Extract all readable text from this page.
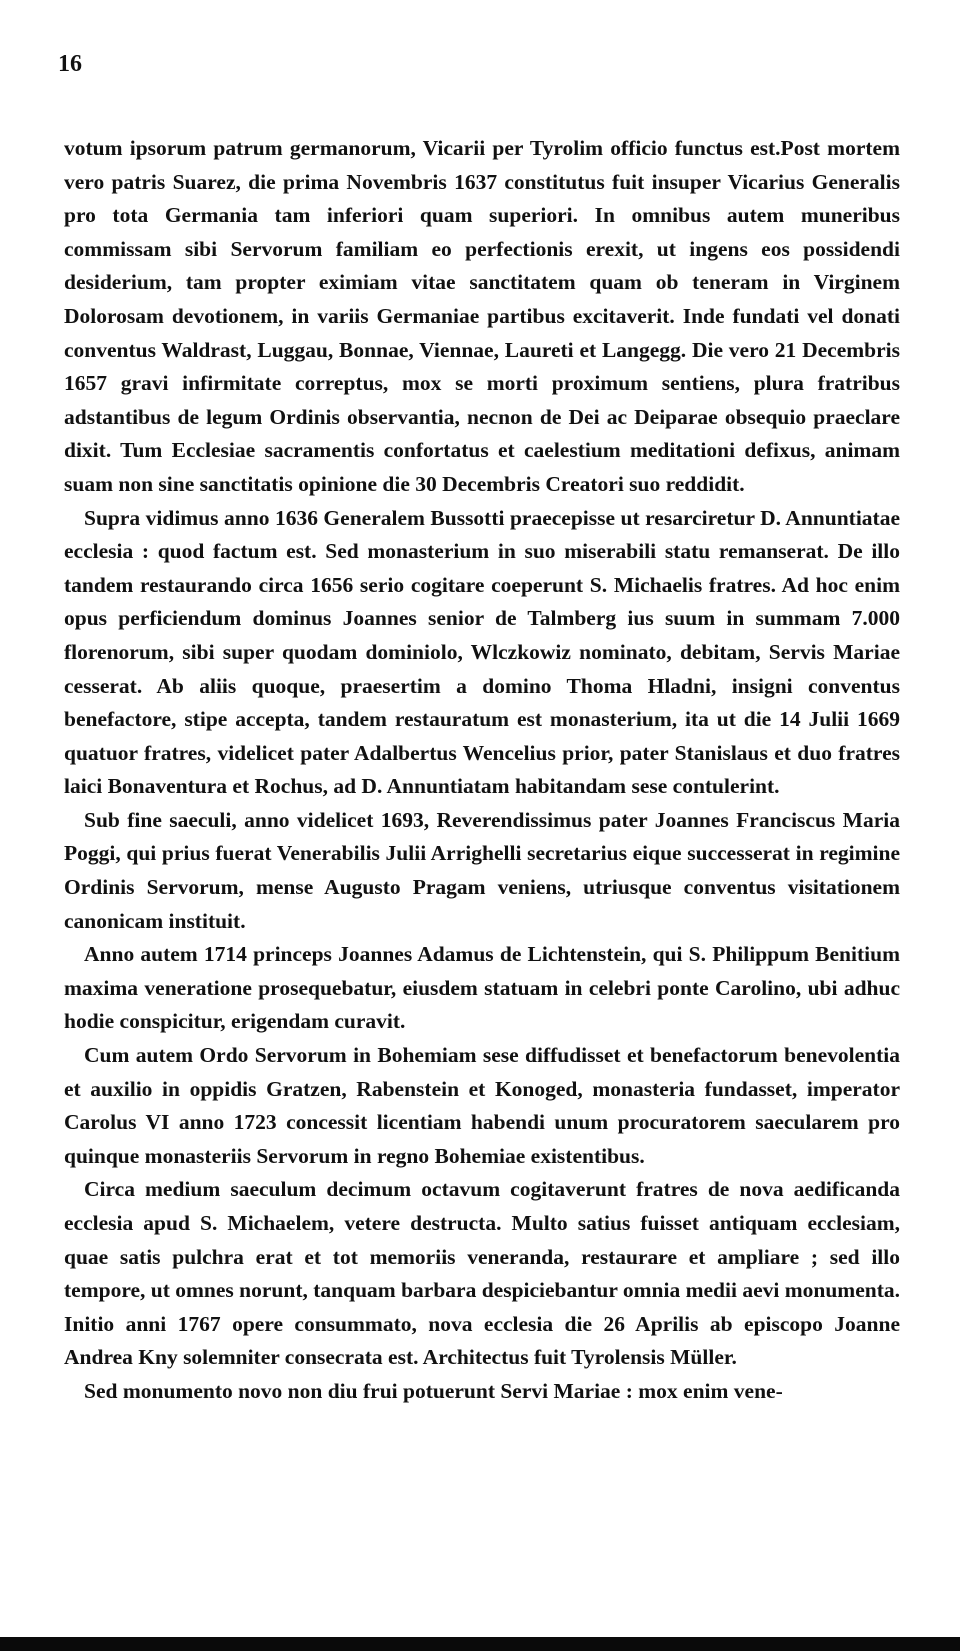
16

votum ipsorum patrum germanorum, Vicarii per Tyrolim officio functus est.Post mortem vero patris Suarez, die prima Novembris 1637 constitutus fuit insuper Vicarius Generalis pro tota Germania tam inferiori quam superiori. In omnibus autem muneribus commissam sibi Servorum familiam eo perfectionis erexit, ut ingens eos possidendi desiderium, tam propter eximiam vitae sanctitatem quam ob teneram in Virginem Dolorosam devotionem, in variis Germaniae partibus excitaverit. Inde fundati vel donati conventus Waldrast, Luggau, Bonnae, Viennae, Laureti et Langegg. Die vero 21 Decembris 1657 gravi infirmitate correptus, mox se morti proximum sentiens, plura fratribus adstantibus de legum Ordinis observantia, necnon de Dei ac Deiparae obsequio praeclare dixit. Tum Ecclesiae sacramentis confortatus et caelestium meditationi defixus, animam suam non sine sanctitatis opinione die 30 Decembris Creatori suo reddidit.

Supra vidimus anno 1636 Generalem Bussotti praecepisse ut resarciretur D. Annuntiatae ecclesia : quod factum est. Sed monasterium in suo miserabili statu remanserat. De illo tandem restaurando circa 1656 serio cogitare coeperunt S. Michaelis fratres. Ad hoc enim opus perficiendum dominus Joannes senior de Talmberg ius suum in summam 7.000 florenorum, sibi super quodam dominiolo, Wlczkowiz nominato, debitam, Servis Mariae cesserat. Ab aliis quoque, praesertim a domino Thoma Hladni, insigni conventus benefactore, stipe accepta, tandem restauratum est monasterium, ita ut die 14 Julii 1669 quatuor fratres, videlicet pater Adalbertus Wencelius prior, pater Stanislaus et duo fratres laici Bonaventura et Rochus, ad D. Annuntiatam habitandam sese contulerint.

Sub fine saeculi, anno videlicet 1693, Reverendissimus pater Joannes Franciscus Maria Poggi, qui prius fuerat Venerabilis Julii Arrighelli secretarius eique successerat in regimine Ordinis Servorum, mense Augusto Pragam veniens, utriusque conventus visitationem canonicam instituit.

Anno autem 1714 princeps Joannes Adamus de Lichtenstein, qui S. Philippum Benitium maxima veneratione prosequebatur, eiusdem statuam in celebri ponte Carolino, ubi adhuc hodie conspicitur, erigendam curavit.

Cum autem Ordo Servorum in Bohemiam sese diffudisset et benefactorum benevolentia et auxilio in oppidis Gratzen, Rabenstein et Konoged, monasteria fundasset, imperator Carolus VI anno 1723 concessit licentiam habendi unum procuratorem saecularem pro quinque monasteriis Servorum in regno Bohemiae existentibus.

Circa medium saeculum decimum octavum cogitaverunt fratres de nova aedificanda ecclesia apud S. Michaelem, vetere destructa. Multo satius fuisset antiquam ecclesiam, quae satis pulchra erat et tot memoriis veneranda, restaurare et ampliare ; sed illo tempore, ut omnes norunt, tanquam barbara despiciebantur omnia medii aevi monumenta. Initio anni 1767 opere consummato, nova ecclesia die 26 Aprilis ab episcopo Joanne Andrea Kny solemniter consecrata est. Architectus fuit Tyrolensis Müller.

Sed monumento novo non diu frui potuerunt Servi Mariae : mox enim vene-
